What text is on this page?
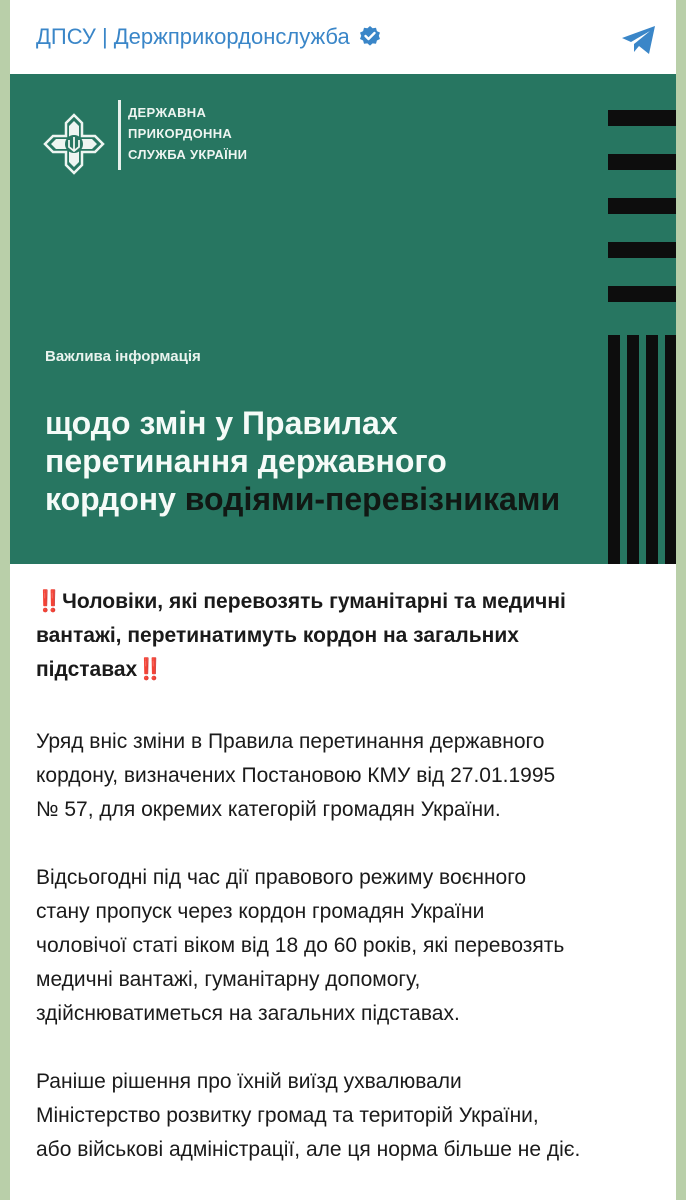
ДПСУ | Держприкордонслужба
ДЕРЖАВНА
ПРИКОРДОННА
СЛУЖБА УКРАЇНИ
Важлива інформація
щодо змін у Правилах
перетинання державного
кордону водіями-перевізниками
‼️Чоловіки, які перевозять гуманітарні та медичні
вантажі, перетинатимуть кордон на загальних
підставах‼️
Уряд вніс зміни в Правила перетинання державного
кордону, визначених Постановою КМУ від 27.01.1995
№ 57, для окремих категорій громадян України.
Відсьогодні під час дії правового режиму воєнного
стану пропуск через кордон громадян України
чоловічої статі віком від 18 до 60 років, які перевозять
медичні вантажі, гуманітарну допомогу,
здійснюватиметься на загальних підставах.
Раніше рішення про їхній виїзд ухвалювали
Міністерство розвитку громад та територій України,
або військові адміністрації, але ця норма більше не діє.
